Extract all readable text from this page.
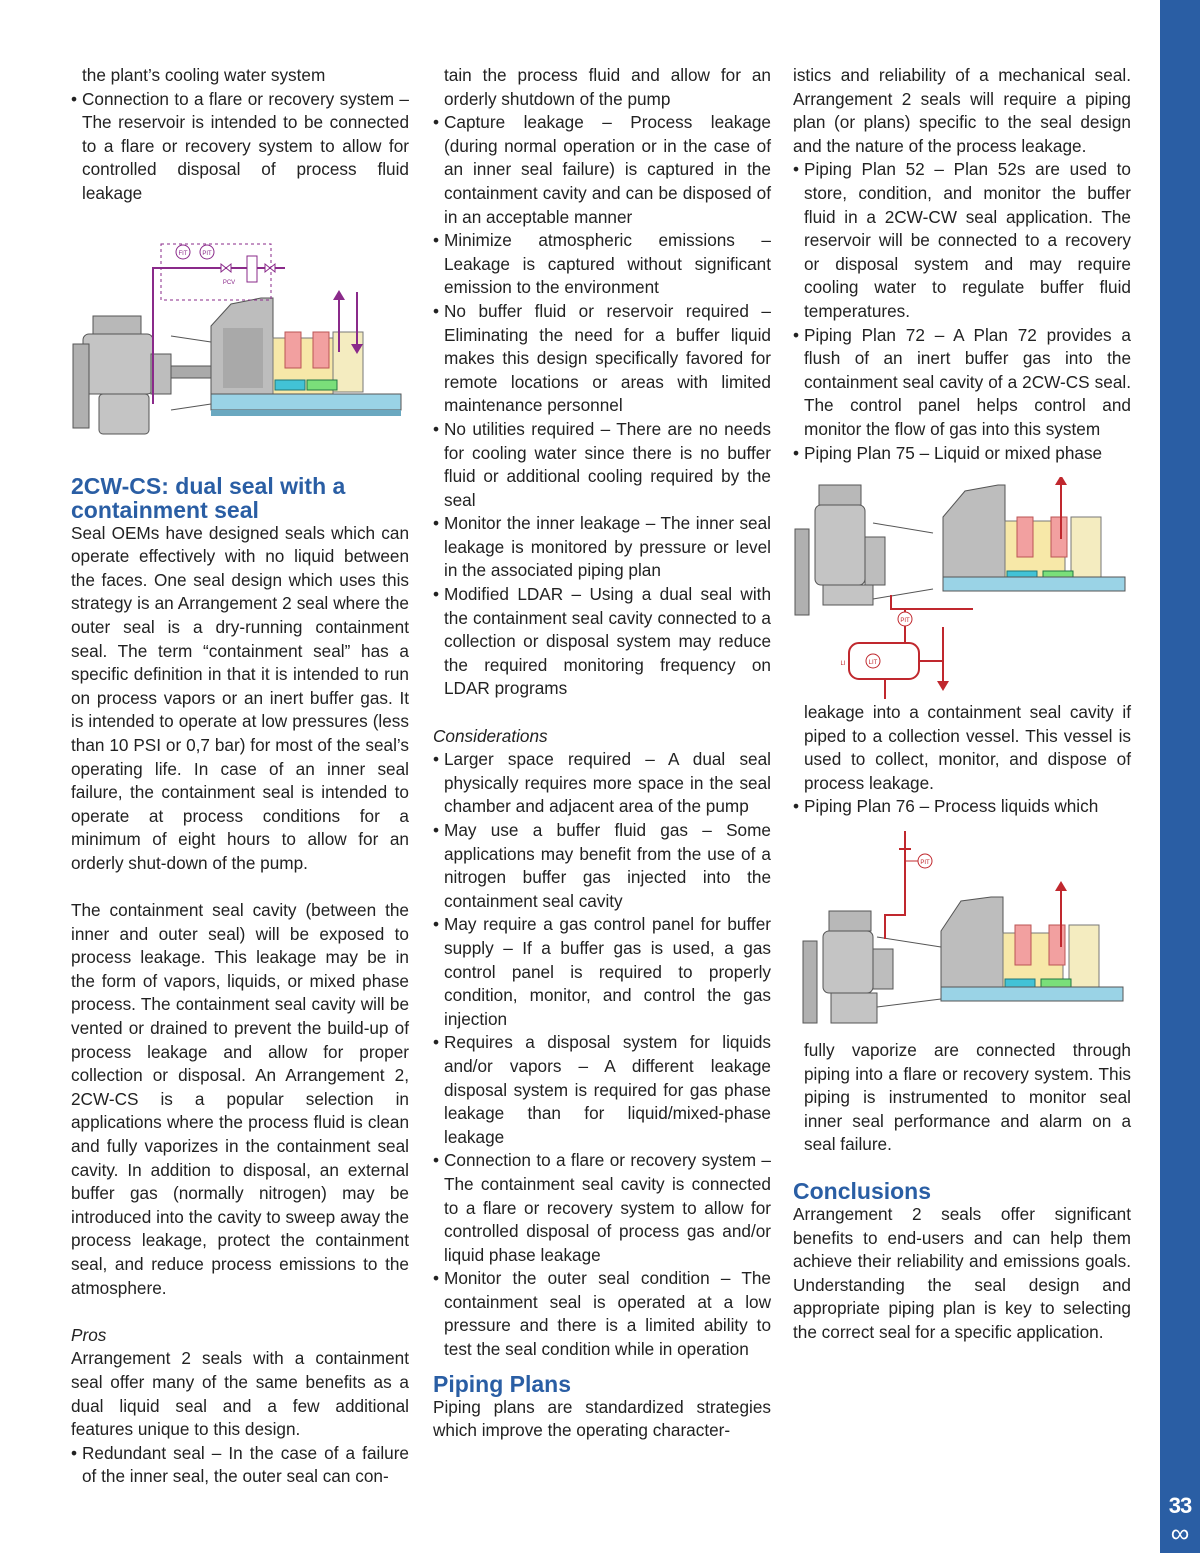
33
∞

the plant’s cooling water system

• Connection to a flare or recovery system – The reservoir is intended to be connected to a flare or recovery system to allow for controlled disposal of process fluid leakage
FIT PIT
PCV
2CW-CS: dual seal with a containment seal

Seal OEMs have designed seals which can operate effectively with no liquid between the faces. One seal design which uses this strategy is an Arrangement 2 seal where the outer seal is a dry-running containment seal. The term “containment seal” has a specific definition in that it is intended to run on process vapors or an inert buffer gas. It is intended to operate at low pressures (less than 10 PSI or 0,7 bar) for most of the seal’s operating life. In case of an inner seal failure, the containment seal is intended to operate at process conditions for a minimum of eight hours to allow for an orderly shut-down of the pump.

The containment seal cavity (between the inner and outer seal) will be exposed to process leakage. This leakage may be in the form of vapors, liquids, or mixed phase process. The containment seal cavity will be vented or drained to prevent the build-up of process leakage and allow for proper collection or disposal. An Arrangement 2, 2CW-CS is a popular selection in applications where the process fluid is clean and fully vaporizes in the containment seal cavity. In addition to disposal, an external buffer gas (normally nitrogen) may be introduced into the cavity to sweep away the process leakage, protect the containment seal, and reduce process emissions to the atmosphere.

Pros

Arrangement 2 seals with a containment seal offer many of the same benefits as a dual liquid seal and a few additional features unique to this design.

• Redundant seal – In the case of a failure of the inner seal, the outer seal can con-

tain the process fluid and allow for an orderly shutdown of the pump

• Capture leakage – Process leakage (during normal operation or in the case of an inner seal failure) is captured in the containment cavity and can be disposed of in an acceptable manner
• Minimize atmospheric emissions – Leakage is captured without significant emission to the environment
• No buffer fluid or reservoir required – Eliminating the need for a buffer liquid makes this design specifically favored for remote locations or areas with limited maintenance personnel
• No utilities required – There are no needs for cooling water since there is no buffer fluid or additional cooling required by the seal
• Monitor the inner leakage – The inner seal leakage is monitored by pressure or level in the associated piping plan
• Modified LDAR – Using a dual seal with the containment seal cavity connected to a collection or disposal system may reduce the required monitoring frequency on LDAR programs

Considerations

• Larger space required – A dual seal physically requires more space in the seal chamber and adjacent area of the pump
• May use a buffer fluid gas – Some applications may benefit from the use of a nitrogen buffer gas injected into the containment seal cavity
• May require a gas control panel for buffer supply – If a buffer gas is used, a gas control panel is required to properly condition, monitor, and control the gas injection
• Requires a disposal system for liquids and/or vapors – A different leakage disposal system is required for gas phase leakage than for liquid/mixed-phase leakage
• Connection to a flare or recovery system – The containment seal cavity is connected to a flare or recovery system to allow for controlled disposal of process gas and/or liquid phase leakage
• Monitor the outer seal condition – The containment seal is operated at a low pressure and there is a limited ability to test the seal condition while in operation
Piping Plans

Piping plans are standardized strategies which improve the operating character-

istics and reliability of a mechanical seal. Arrangement 2 seals will require a piping plan (or plans) specific to the seal design and the nature of the process leakage.

• Piping Plan 52 – Plan 52s are used to store, condition, and monitor the buffer fluid in a 2CW-CW seal application. The reservoir will be connected to a recovery or disposal system and may require cooling water to regulate buffer fluid temperatures.
• Piping Plan 72 – A Plan 72 provides a flush of an inert buffer gas into the containment seal cavity of a 2CW-CS seal. The control panel helps control and monitor the flow of gas into this system
• Piping Plan 75 – Liquid or mixed phase
LIT
LI
PIT

leakage into a containment seal cavity if piped to a collection vessel. This vessel is used to collect, monitor, and dispose of process leakage.

• Piping Plan 76 – Process liquids which
PIT

fully vaporize are connected through piping into a flare or recovery system. This piping is instrumented to monitor seal inner seal performance and alarm on a seal failure.

Conclusions

Arrangement 2 seals offer significant benefits to end-users and can help them achieve their reliability and emissions goals. Understanding the seal design and appropriate piping plan is key to selecting the correct seal for a specific application.
